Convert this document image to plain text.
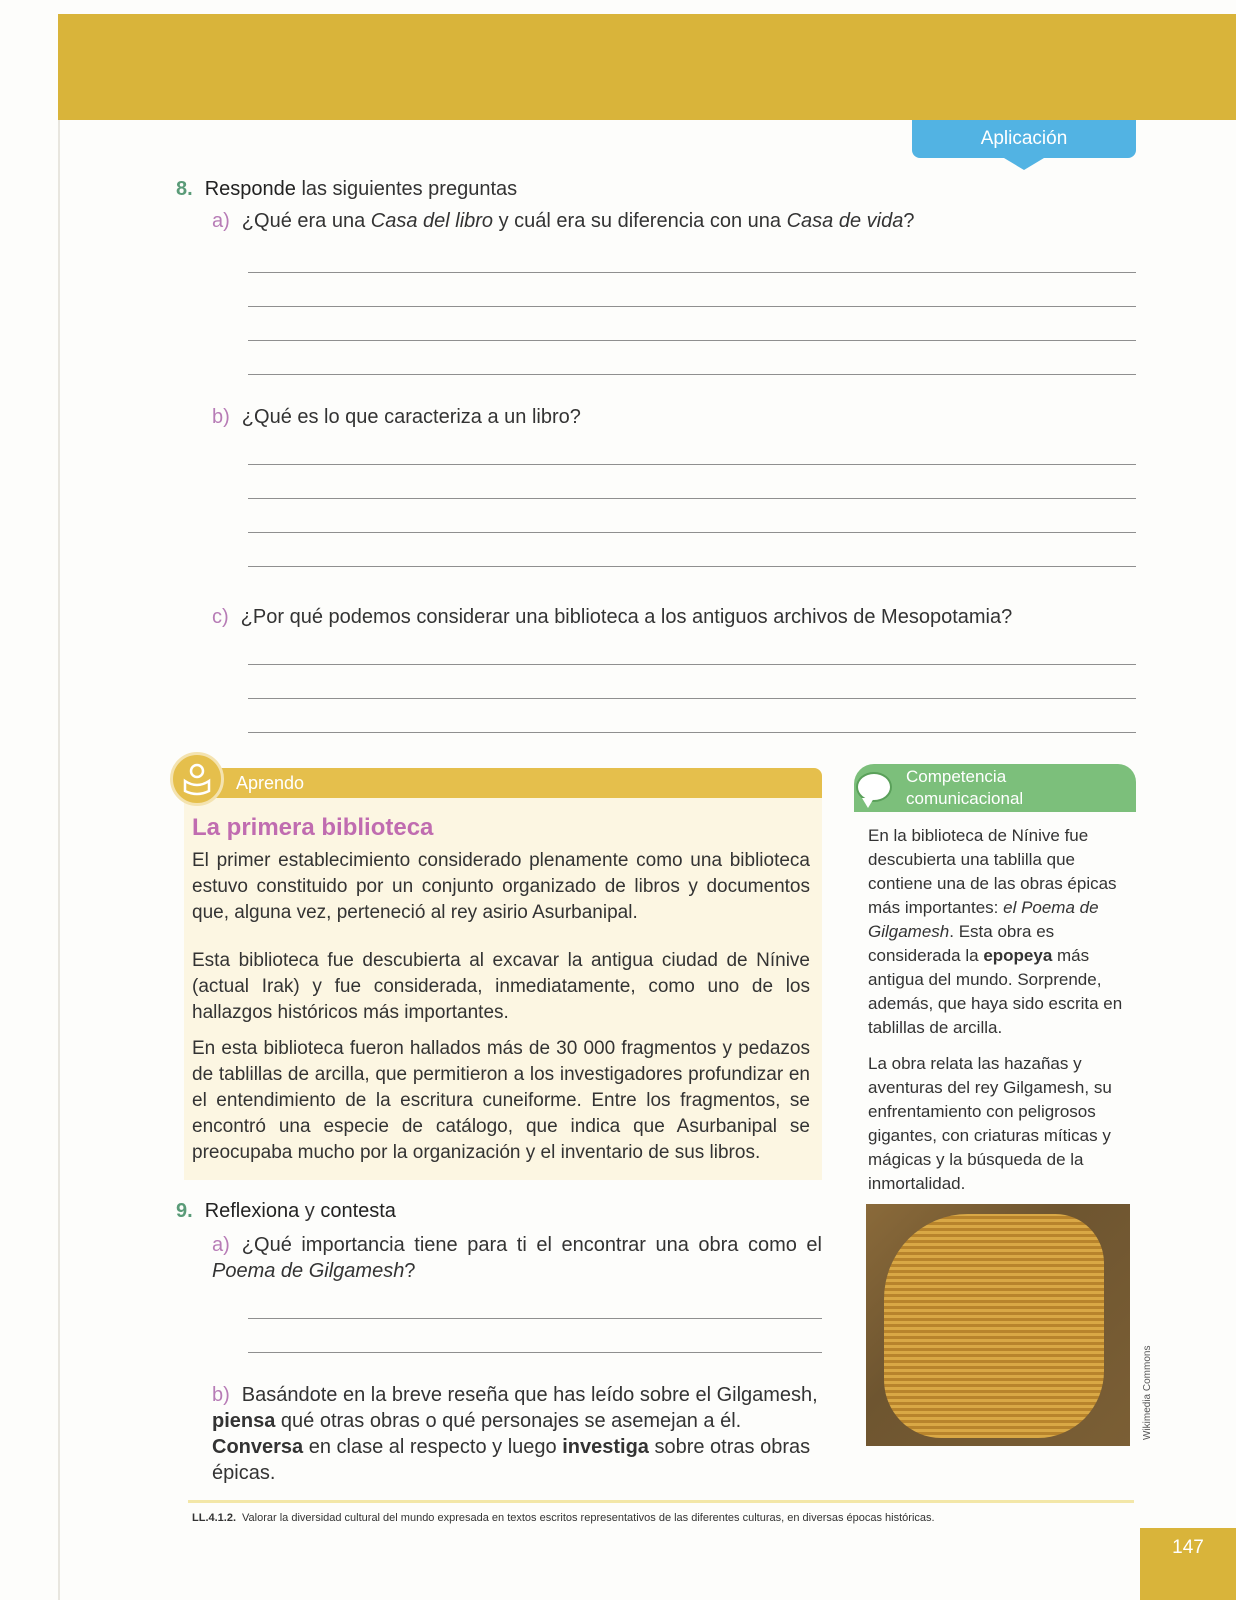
Aplicación
8. Responde las siguientes preguntas
a) ¿Qué era una Casa del libro y cuál era su diferencia con una Casa de vida?
b) ¿Qué es lo que caracteriza a un libro?
c) ¿Por qué podemos considerar una biblioteca a los antiguos archivos de Mesopotamia?
Aprendo
La primera biblioteca

El primer establecimiento considerado plenamente como una biblioteca estuvo constituido por un conjunto organizado de libros y documentos que, alguna vez, perteneció al rey asirio Asurbanipal.

Esta biblioteca fue descubierta al excavar la antigua ciudad de Nínive (actual Irak) y fue considerada, inmediatamente, como uno de los hallazgos históricos más importantes.

En esta biblioteca fueron hallados más de 30 000 fragmentos y pedazos de tablillas de arcilla, que permitieron a los investigadores profundizar en el entendimiento de la escritura cuneiforme. Entre los fragmentos, se encontró una especie de catálogo, que indica que Asurbanipal se preocupaba mucho por la organización y el inventario de sus libros.

Competencia
comunicacional

En la biblioteca de Nínive fue descubierta una tablilla que contiene una de las obras épicas más importantes: el Poema de Gilgamesh. Esta obra es considerada la epopeya más antigua del mundo. Sorprende, además, que haya sido escrita en tablillas de arcilla.

La obra relata las hazañas y aventuras del rey Gilgamesh, su enfrentamiento con peligrosos gigantes, con criaturas míticas y mágicas y la búsqueda de la inmortalidad.

Wikimedia Commons
9. Reflexiona y contesta
a) ¿Qué importancia tiene para ti el encontrar una obra como el Poema de Gilgamesh?
b) Basándote en la breve reseña que has leído sobre el Gilgamesh, piensa qué otras obras o qué personajes se asemejan a él. Conversa en clase al respecto y luego investiga sobre otras obras épicas.
LL.4.1.2. Valorar la diversidad cultural del mundo expresada en textos escritos representativos de las diferentes culturas, en diversas épocas históricas.
147
